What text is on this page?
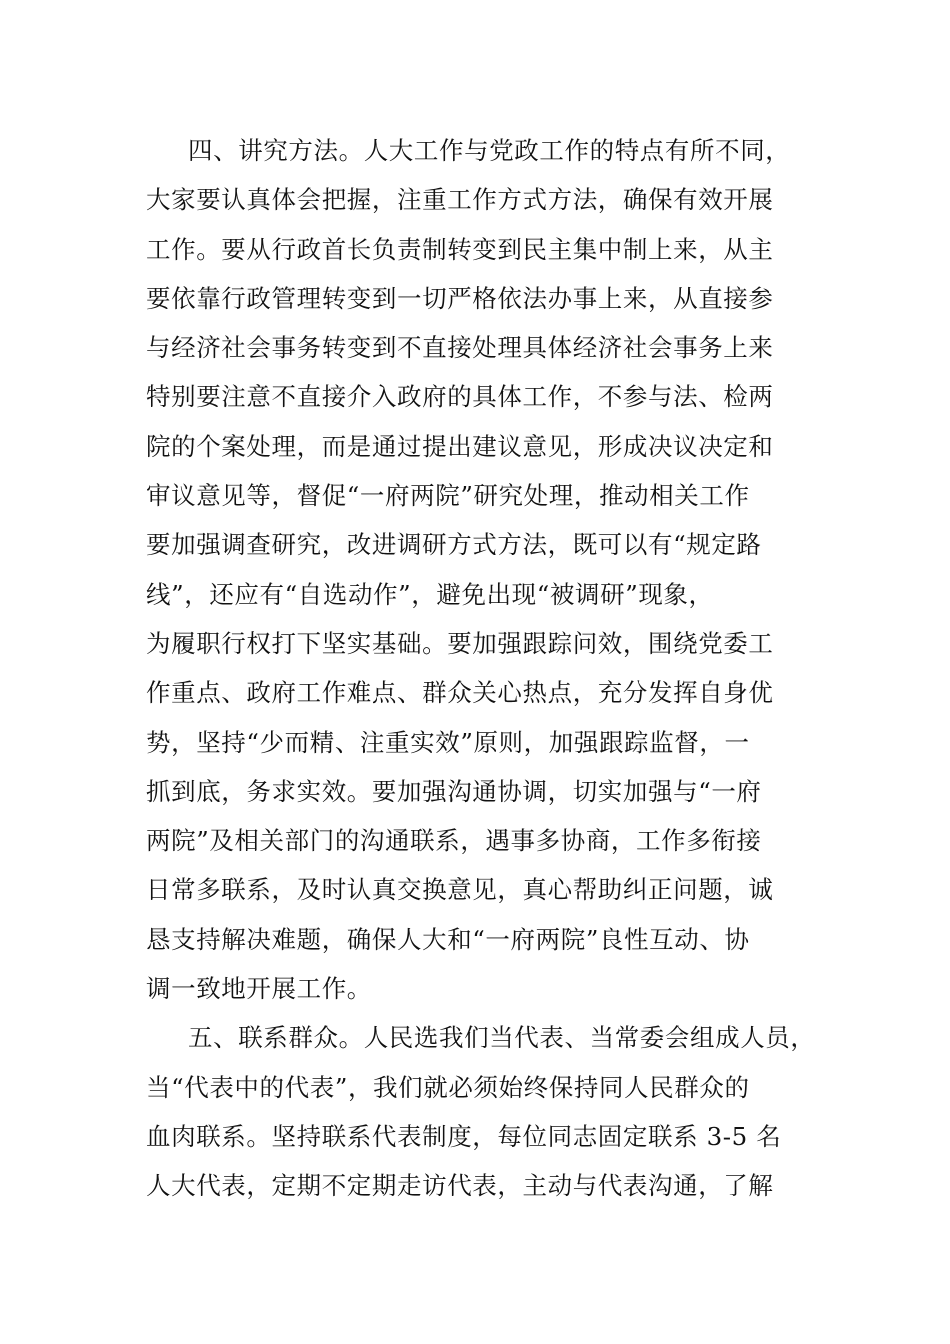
四、讲究方法。人大工作与党政工作的特点有所不同，
大家要认真体会把握，注重工作方式方法，确保有效开展
工作。要从行政首长负责制转变到民主集中制上来，从主
要依靠行政管理转变到一切严格依法办事上来，从直接参
与经济社会事务转变到不直接处理具体经济社会事务上来
特别要注意不直接介入政府的具体工作，不参与法、检两
院的个案处理，而是通过提出建议意见，形成决议决定和
审议意见等，督促“一府两院”研究处理，推动相关工作
要加强调查研究，改进调研方式方法，既可以有“规定路
线”，还应有“自选动作”，避免出现“被调研”现象，
为履职行权打下坚实基础。要加强跟踪问效，围绕党委工
作重点、政府工作难点、群众关心热点，充分发挥自身优
势，坚持“少而精、注重实效”原则，加强跟踪监督，一
抓到底，务求实效。要加强沟通协调，切实加强与“一府
两院”及相关部门的沟通联系，遇事多协商，工作多衔接
日常多联系，及时认真交换意见，真心帮助纠正问题，诚
恳支持解决难题，确保人大和“一府两院”良性互动、协
调一致地开展工作。
五、联系群众。人民选我们当代表、当常委会组成人员，
当“代表中的代表”，我们就必须始终保持同人民群众的
血肉联系。坚持联系代表制度，每位同志固定联系 3-5 名
人大代表，定期不定期走访代表，主动与代表沟通，了解
